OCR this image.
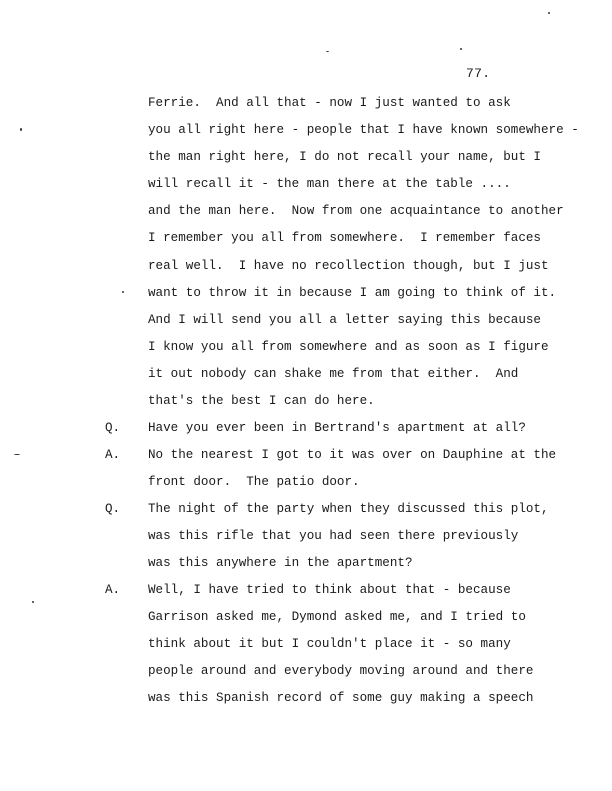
77.
Ferrie.  And all that - now I just wanted to ask
you all right here - people that I have known somewhere -
the man right here, I do not recall your name, but I
will recall it - the man there at the table ....
and the man here.  Now from one acquaintance to another
I remember you all from somewhere.  I remember faces
real well.  I have no recollection though, but I just
want to throw it in because I am going to think of it.
And I will send you all a letter saying this because
I know you all from somewhere and as soon as I figure
it out nobody can shake me from that either.  And
that's the best I can do here.
Q. Have you ever been in Bertrand's apartment at all?
A. No the nearest I got to it was over on Dauphine at the
front door.  The patio door.
Q. The night of the party when they discussed this plot,
was this rifle that you had seen there previously
was this anywhere in the apartment?
A. Well, I have tried to think about that - because
Garrison asked me, Dymond asked me, and I tried to
think about it but I couldn't place it - so many
people around and everybody moving around and there
was this Spanish record of some guy making a speech
